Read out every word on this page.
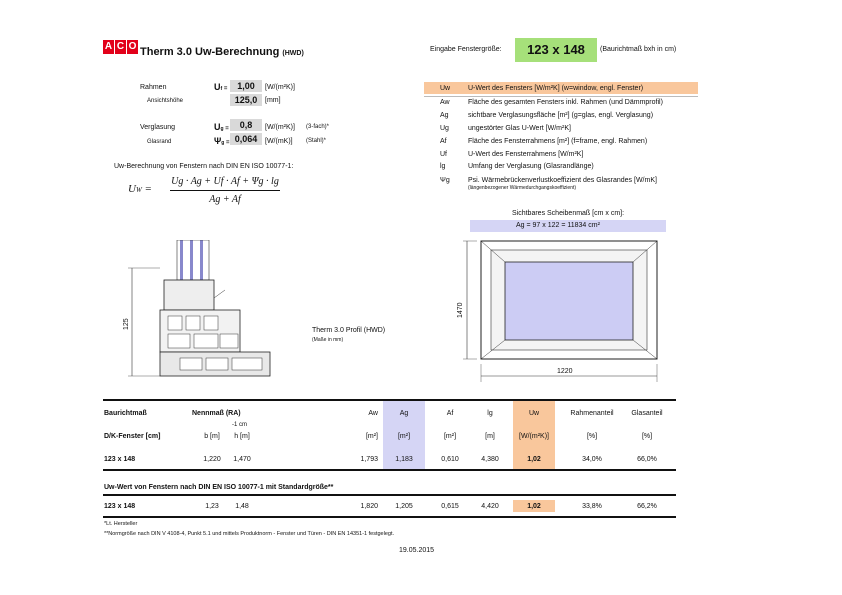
A C O Therm 3.0 Uw-Berechnung (HWD)
Eingabe Fenstergröße:	123 x 148	(Baurichtmaß bxh in cm)
Rahmen	Uf =	1,00	[W/(m²K)]
Ansichtshöhe	125,0	[mm]
Verglasung	Ug =	0,8	[W/(m²K)] (3-fach)*
Glasrand	Ψg = 0,064	[W/(mK)] (Stahl)*
Uw-Berechnung von Fenstern nach DIN EN ISO 10077-1:
UW =
Ug · Ag + Uf · Af + Ψg · lg
Ag + Af
Uw	U-Wert des Fensters [W/m²K] (w=window, engl. Fenster)
Aw	Fläche des gesamten Fensters inkl. Rahmen (und Dämmprofil)
Ag	sichtbare Verglasungsfläche [m²] (g=glas, engl. Verglasung)
Ug	ungestörter Glas U-Wert [W/m²K]
Af	Fläche des Fensterrahmens [m²] (f=frame, engl. Rahmen)
Uf	U-Wert des Fensterrahmens [W/m²K]
lg	Umfang der Verglasung (Glasrandlänge)
Ψg	Psi. Wärmebrückenverlustkoeffizient des Glasrandes [W/mK]
(längenbezogener Wärmedurchgangskoeffizient)
125
Therm 3.0 Profil (HWD)
(Maße in mm)
Sichtbares Scheibenmaß [cm x cm]:
Ag = 97 x 122 = 11834 cm²
1470
1220
Baurichtmaß	Nennmaß (RA)	Aw	Ag	Af	lg	Uw	Rahmenanteil	Glasanteil
D/K-Fenster [cm]	b [m]	h [m]	[m²]	[m²]	[m²]	[m]	[W/(m²K)]	[%]	[%]
123 x 148	1,220	1,470	1,793	1,183	0,610	4,380	1,02	34,0%	66,0%
-1 cm
Uw-Wert von Fenstern nach DIN EN ISO 10077-1 mit Standardgröße**
123 x 148	1,23	1,48	1,820	1,205	0,615	4,420	1,02	33,8%	66,2%
*Lt. Hersteller
**Normgröße nach DIN V 4108-4, Punkt 5.1 und mittels Produktnorm - Fenster und Türen - DIN EN 14351-1 festgelegt.
19.05.2015
